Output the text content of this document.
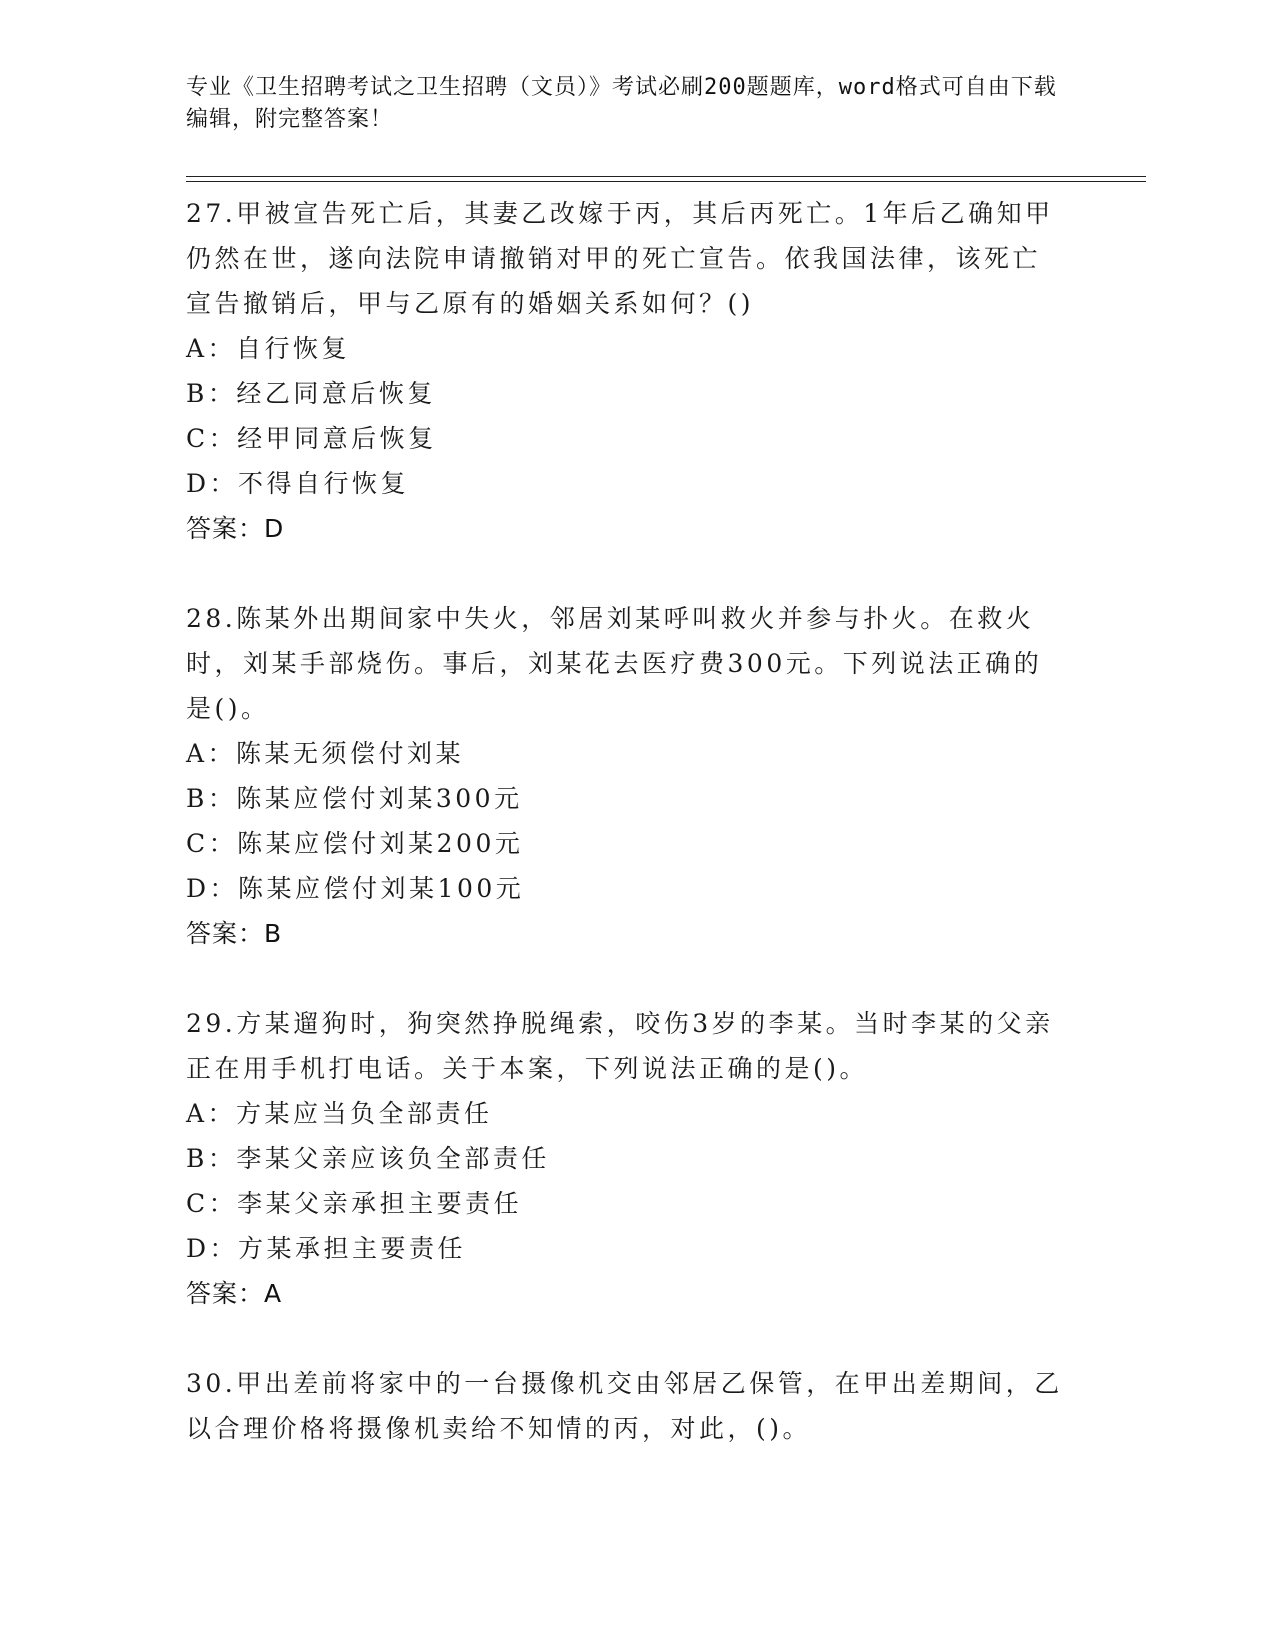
专业《卫生招聘考试之卫生招聘（文员）》考试必刷200题题库，word格式可自由下载编辑，附完整答案！

27.甲被宣告死亡后，其妻乙改嫁于丙，其后丙死亡。1年后乙确知甲仍然在世，遂向法院申请撤销对甲的死亡宣告。依我国法律，该死亡宣告撤销后，甲与乙原有的婚姻关系如何？()

A：自行恢复

B：经乙同意后恢复

C：经甲同意后恢复

D：不得自行恢复

答案：D

28.陈某外出期间家中失火，邻居刘某呼叫救火并参与扑火。在救火时，刘某手部烧伤。事后，刘某花去医疗费300元。下列说法正确的是()。

A：陈某无须偿付刘某

B：陈某应偿付刘某300元

C：陈某应偿付刘某200元

D：陈某应偿付刘某100元

答案：B

29.方某遛狗时，狗突然挣脱绳索，咬伤3岁的李某。当时李某的父亲正在用手机打电话。关于本案，下列说法正确的是()。

A：方某应当负全部责任

B：李某父亲应该负全部责任

C：李某父亲承担主要责任

D：方某承担主要责任

答案：A

30.甲出差前将家中的一台摄像机交由邻居乙保管，在甲出差期间，乙以合理价格将摄像机卖给不知情的丙，对此，()。
